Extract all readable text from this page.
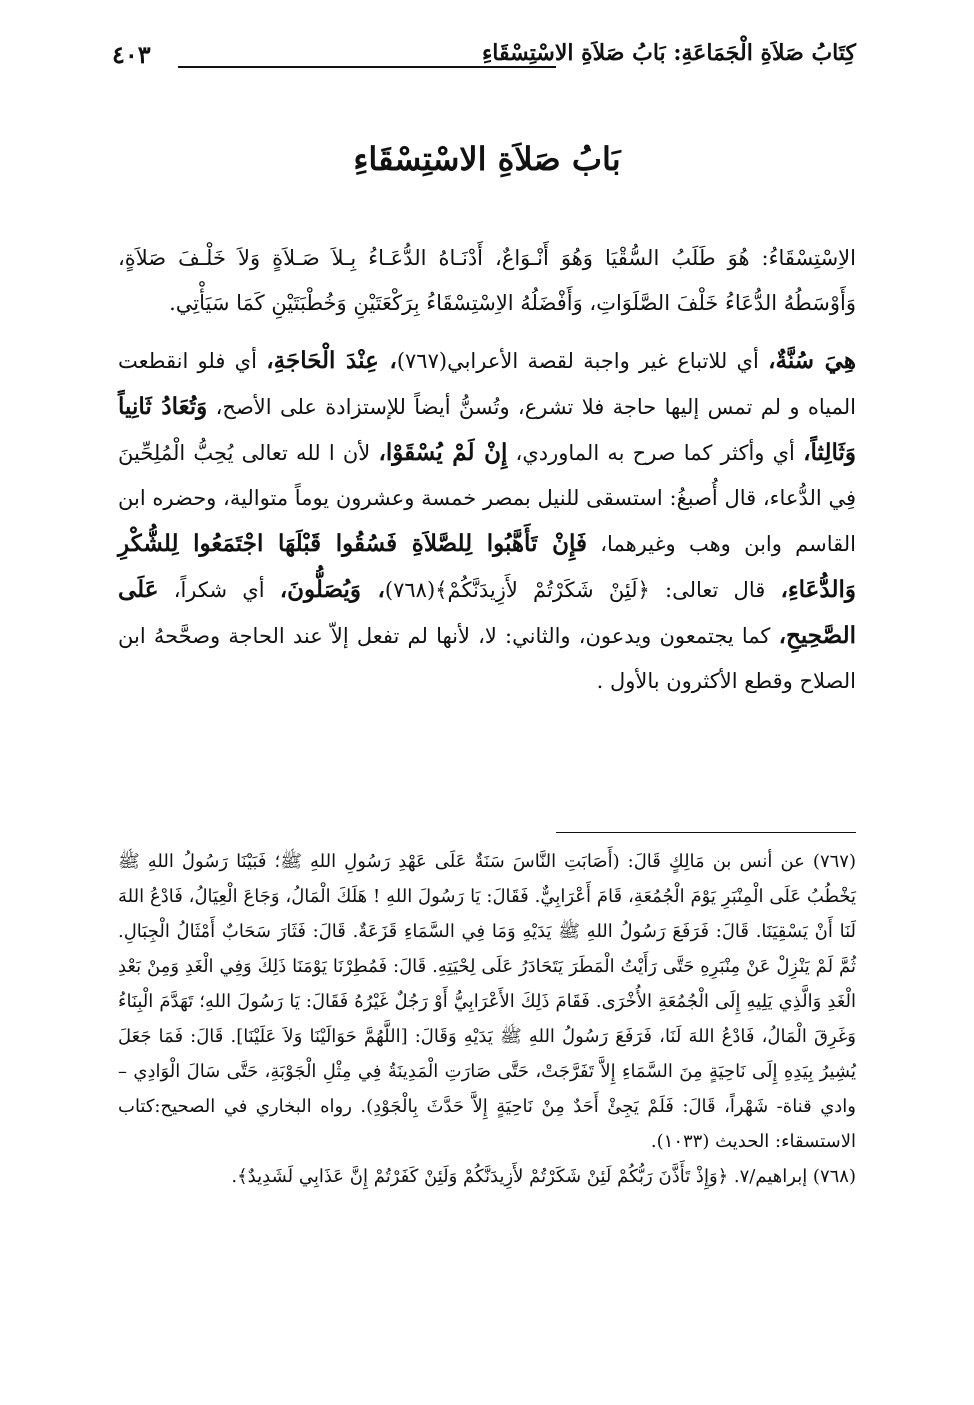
كِتَابُ صَلاَةِ الْجَمَاعَةِ: بَابُ صَلاَةِ الاسْتِسْقَاءِ
٤٠٣
بَابُ صَلاَةِ الاسْتِسْقَاءِ

الاِسْتِسْقَاءُ: هُوَ طَلَبُ السُّقْيَا وَهُوَ أَنْـوَاعٌ، أَدْنَـاهُ الدُّعَـاءُ بِـلاَ صَـلاَةٍ وَلاَ خَلْـفَ صَلاَةٍ، وَأَوْسَطُهُ الدُّعَاءُ خَلْفَ الصَّلَوَاتِ، وَأَفْضَلُهُ الاِسْتِسْقَاءُ بِرَكْعَتَيْنِ وَخُطْبَتَيْنِ كَمَا سَيَأْتِي.

هِيَ سُنَّةٌ، أي للاتباع غير واجبة لقصة الأعرابي(٧٦٧)، عِنْدَ الْحَاجَةِ، أي فلو انقطعت المياه و لم تمس إليها حاجة فلا تشرع، وتُسنُّ أيضاً للإستزادة على الأصح، وَتُعَادُ ثَانِياً وَثَالِثاً، أي وأكثر كما صرح به الماوردي، إِنْ لَمْ يُسْقَوْا، لأن ا لله تعالى يُحِبُّ الْمُلِحِّينَ فِي الدُّعاء، قال أُصبغُ: استسقى للنيل بمصر خمسة وعشرون يوماً متوالية، وحضره ابن القاسم وابن وهب وغيرهما، فَإِنْ تَأَهَّبُوا لِلصَّلاَةِ فَسُقُوا قَبْلَهَا اجْتَمَعُوا لِلشُّكْرِ وَالدُّعَاءِ، قال تعالى: ﴿لَئِنْ شَكَرْتُمْ لأَزِيدَنَّكُمْ﴾(٧٦٨)، وَيُصَلُّونَ، أي شكراً، عَلَى الصَّحِيحِ، كما يجتمعون ويدعون، والثاني: لا، لأنها لم تفعل إلاّ عند الحاجة وصحَّحهُ ابن الصلاح وقطع الأكثرون بالأول .

(٧٦٧) عن أنس بن مَالِكٍ قَالَ: (أَصَابَتِ النَّاسَ سَنَةٌ عَلَى عَهْدِ رَسُولِ اللهِ ﷺ؛ فَبَيْنَا رَسُولُ اللهِ ﷺ يَخْطُبُ عَلَى الْمِنْبَرِ يَوْمَ الْجُمُعَةِ، قَامَ أَعْرَابِيٌّ. فَقَالَ: يَا رَسُولَ اللهِ ! هَلَكَ الْمَالُ، وَجَاعَ الْعِيَالُ، فَادْعُ اللهَ لَنَا أَنْ يَسْقِيَنَا. قَالَ: فَرَفَعَ رَسُولُ اللهِ ﷺ يَدَيْهِ وَمَا فِي السَّمَاءِ قَزَعَةٌ. قَالَ: فَثَارَ سَحَابٌ أَمْثَالُ الْجِبَالِ. ثُمَّ لَمْ يَنْزِلْ عَنْ مِنْبَرِهِ حَتَّى رَأَيْتُ الْمَطَرَ يَتَحَادَرُ عَلَى لِحْيَتِهِ. قَالَ: فَمُطِرْنَا يَوْمَنَا ذَلِكَ وَفِي الْغَدِ وَمِنْ بَعْدِ الْغَدِ وَالَّذِي يَلِيهِ إِلَى الْجُمُعَةِ الأُخْرَى. فَقَامَ ذَلِكَ الأَعْرَابِيُّ أَوْ رَجُلٌ غَيْرُهُ فَقَالَ: يَا رَسُولَ اللهِ؛ تَهَدَّمَ الْبِنَاءُ وَغَرِقَ الْمَالُ، فَادْعُ اللهَ لَنَا، فَرَفَعَ رَسُولُ اللهِ ﷺ يَدَيْهِ وَقَالَ: [اللَّهُمَّ حَوَالَيْنَا وَلاَ عَلَيْنَا]. قَالَ: فَمَا جَعَلَ يُشِيرُ بِيَدِهِ إِلَى نَاحِيَةٍ مِنَ السَّمَاءِ إِلاَّ تَفَرَّجَتْ، حَتَّى صَارَتِ الْمَدِينَةُ فِي مِثْلِ الْجَوْبَةِ، حَتَّى سَالَ الْوَادِي – وادي قناة- شَهْراً، قَالَ: فَلَمْ يَجِئْ أَحَدٌ مِنْ نَاحِيَةٍ إِلاَّ حَدَّثَ بِالْجَوْدِ). رواه البخاري في الصحيح:كتاب الاستسقاء: الحديث (١٠٣٣).

(٧٦٨) إبراهيم/٧. ﴿وَإِذْ تَأَذَّنَ رَبُّكُمْ لَئِنْ شَكَرْتُمْ لأَزِيدَنَّكُمْ وَلَئِنْ كَفَرْتُمْ إِنَّ عَذَابِي لَشَدِيدٌ﴾.
